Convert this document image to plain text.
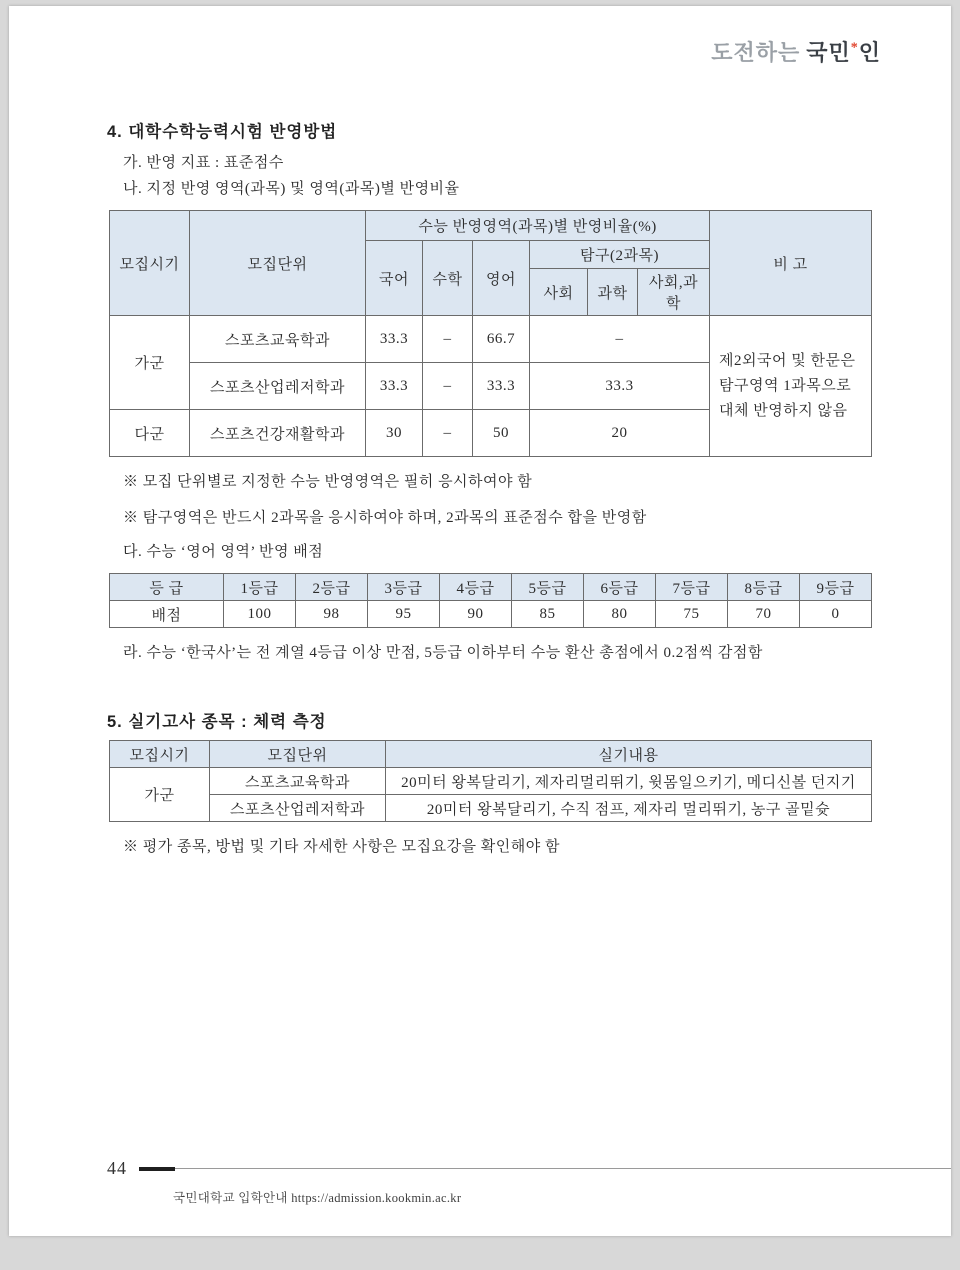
도전하는 국민*인
4. 대학수학능력시험 반영방법
가. 반영 지표 : 표준점수
나. 지정 반영 영역(과목) 및 영역(과목)별 반영비율
모집시기	모집단위	수능 반영영역(과목)별 반영비율(%)						비 고
		국어	수학	영어	탐구(2과목)			
					사회	과학	사회,과학	
가군	스포츠교육학과	33.3	–	66.7	–			제2외국어 및 한문은 탐구영역 1과목으로 대체 반영하지 않음
	스포츠산업레저학과	33.3	–	33.3	33.3			
다군	스포츠건강재활학과	30	–	50	20			
※ 모집 단위별로 지정한 수능 반영영역은 필히 응시하여야 함
※ 탐구영역은 반드시 2과목을 응시하여야 하며, 2과목의 표준점수 합을 반영함
다. 수능 ‘영어 영역’ 반영 배점
등 급	1등급	2등급	3등급	4등급	5등급	6등급	7등급	8등급	9등급
배점	100	98	95	90	85	80	75	70	0
라. 수능 ‘한국사’는 전 계열 4등급 이상 만점, 5등급 이하부터 수능 환산 총점에서 0.2점씩 감점함
5. 실기고사 종목 : 체력 측정
모집시기	모집단위	실기내용
가군	스포츠교육학과	20미터 왕복달리기, 제자리멀리뛰기, 윗몸일으키기, 메디신볼 던지기
	스포츠산업레저학과	20미터 왕복달리기, 수직 점프, 제자리 멀리뛰기, 농구 골밑슛
※ 평가 종목, 방법 및 기타 자세한 사항은 모집요강을 확인해야 함
44
국민대학교 입학안내 https://admission.kookmin.ac.kr
